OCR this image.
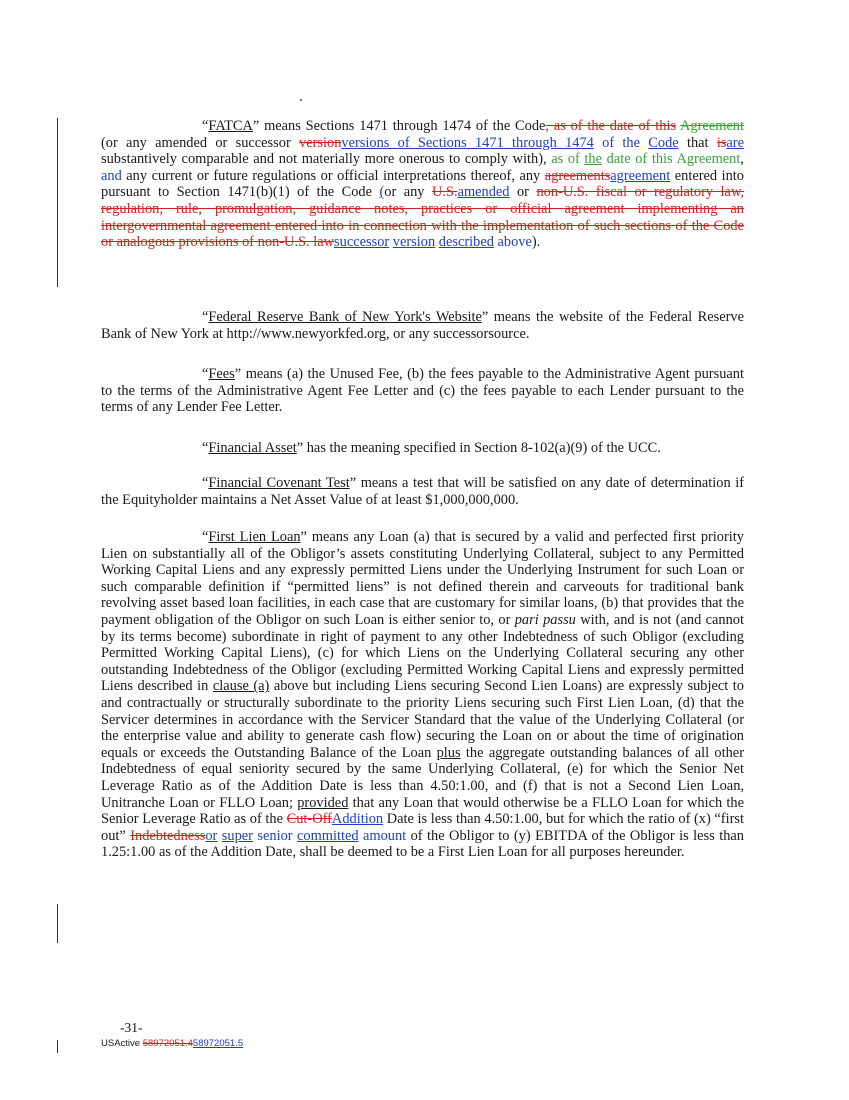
“FATCA” means Sections 1471 through 1474 of the Code, as of the date of this Agreement (or any amended or successor versionversions of Sections 1471 through 1474 of the Code that isare substantively comparable and not materially more onerous to comply with), as of the date of this Agreement, and any current or future regulations or official interpretations thereof, any agreementsagreement entered into pursuant to Section 1471(b)(1) of the Code (or any U.S.amended or non-U.S. fiscal or regulatory law, regulation, rule, promulgation, guidance notes, practices or official agreement implementing an intergovernmental agreement entered into in connection with the implementation of such sections of the Code or analogous provisions of non-U.S. lawsuccessor version described above).
“Federal Reserve Bank of New York's Website” means the website of the Federal Reserve Bank of New York at http://www.newyorkfed.org, or any successorsource.
“Fees” means (a) the Unused Fee, (b) the fees payable to the Administrative Agent pursuant to the terms of the Administrative Agent Fee Letter and (c) the fees payable to each Lender pursuant to the terms of any Lender Fee Letter.
“Financial Asset” has the meaning specified in Section 8-102(a)(9) of the UCC.
“Financial Covenant Test” means a test that will be satisfied on any date of determination if the Equityholder maintains a Net Asset Value of at least $1,000,000,000.
“First Lien Loan” means any Loan (a) that is secured by a valid and perfected first priority Lien on substantially all of the Obligor’s assets constituting Underlying Collateral, subject to any Permitted Working Capital Liens and any expressly permitted Liens under the Underlying Instrument for such Loan or such comparable definition if “permitted liens” is not defined therein and carveouts for traditional bank revolving asset based loan facilities, in each case that are customary for similar loans, (b) that provides that the payment obligation of the Obligor on such Loan is either senior to, or pari passu with, and is not (and cannot by its terms become) subordinate in right of payment to any other Indebtedness of such Obligor (excluding Permitted Working Capital Liens), (c) for which Liens on the Underlying Collateral securing any other outstanding Indebtedness of the Obligor (excluding Permitted Working Capital Liens and expressly permitted Liens described in clause (a) above but including Liens securing Second Lien Loans) are expressly subject to and contractually or structurally subordinate to the priority Liens securing such First Lien Loan, (d) that the Servicer determines in accordance with the Servicer Standard that the value of the Underlying Collateral (or the enterprise value and ability to generate cash flow) securing the Loan on or about the time of origination equals or exceeds the Outstanding Balance of the Loan plus the aggregate outstanding balances of all other Indebtedness of equal seniority secured by the same Underlying Collateral, (e) for which the Senior Net Leverage Ratio as of the Addition Date is less than 4.50:1.00, and (f) that is not a Second Lien Loan, Unitranche Loan or FLLO Loan; provided that any Loan that would otherwise be a FLLO Loan for which the Senior Leverage Ratio as of the Cut-OffAddition Date is less than 4.50:1.00, but for which the ratio of (x) “first out” Indebtednessor super senior committed amount of the Obligor to (y) EBITDA of the Obligor is less than 1.25:1.00 as of the Addition Date, shall be deemed to be a First Lien Loan for all purposes hereunder.
-31-
USActive 58972051.458972051.5
